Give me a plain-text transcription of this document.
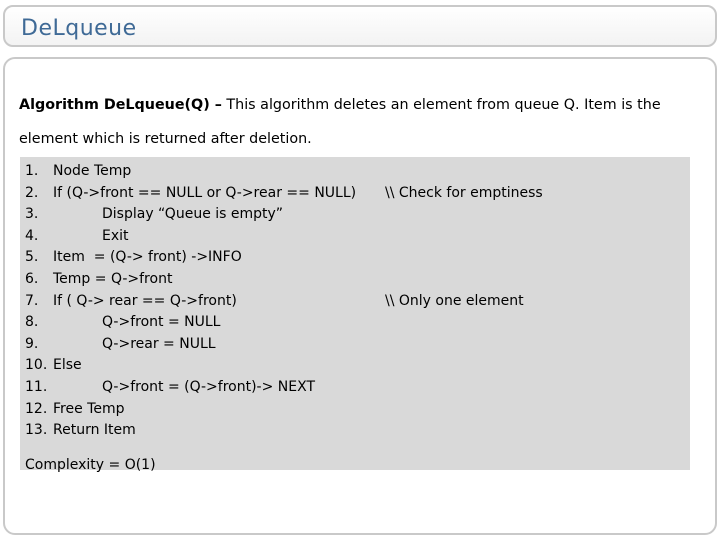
DeLqueue
Algorithm DeLqueue(Q) – This algorithm deletes an element from queue Q. Item is the element which is returned after deletion.
1. Node Temp
2. If (Q->front == NULL or Q->rear == NULL) \\ Check for emptiness
3.	Display “Queue is empty”
4.	Exit
5. Item  = (Q-> front) ->INFO
6. Temp = Q->front
7. If ( Q-> rear == Q->front)	\\ Only one element
8.	Q->front = NULL
9.	Q->rear = NULL
10. Else
11.	Q->front = (Q->front)-> NEXT
12. Free Temp
13. Return Item
Complexity = O(1)
